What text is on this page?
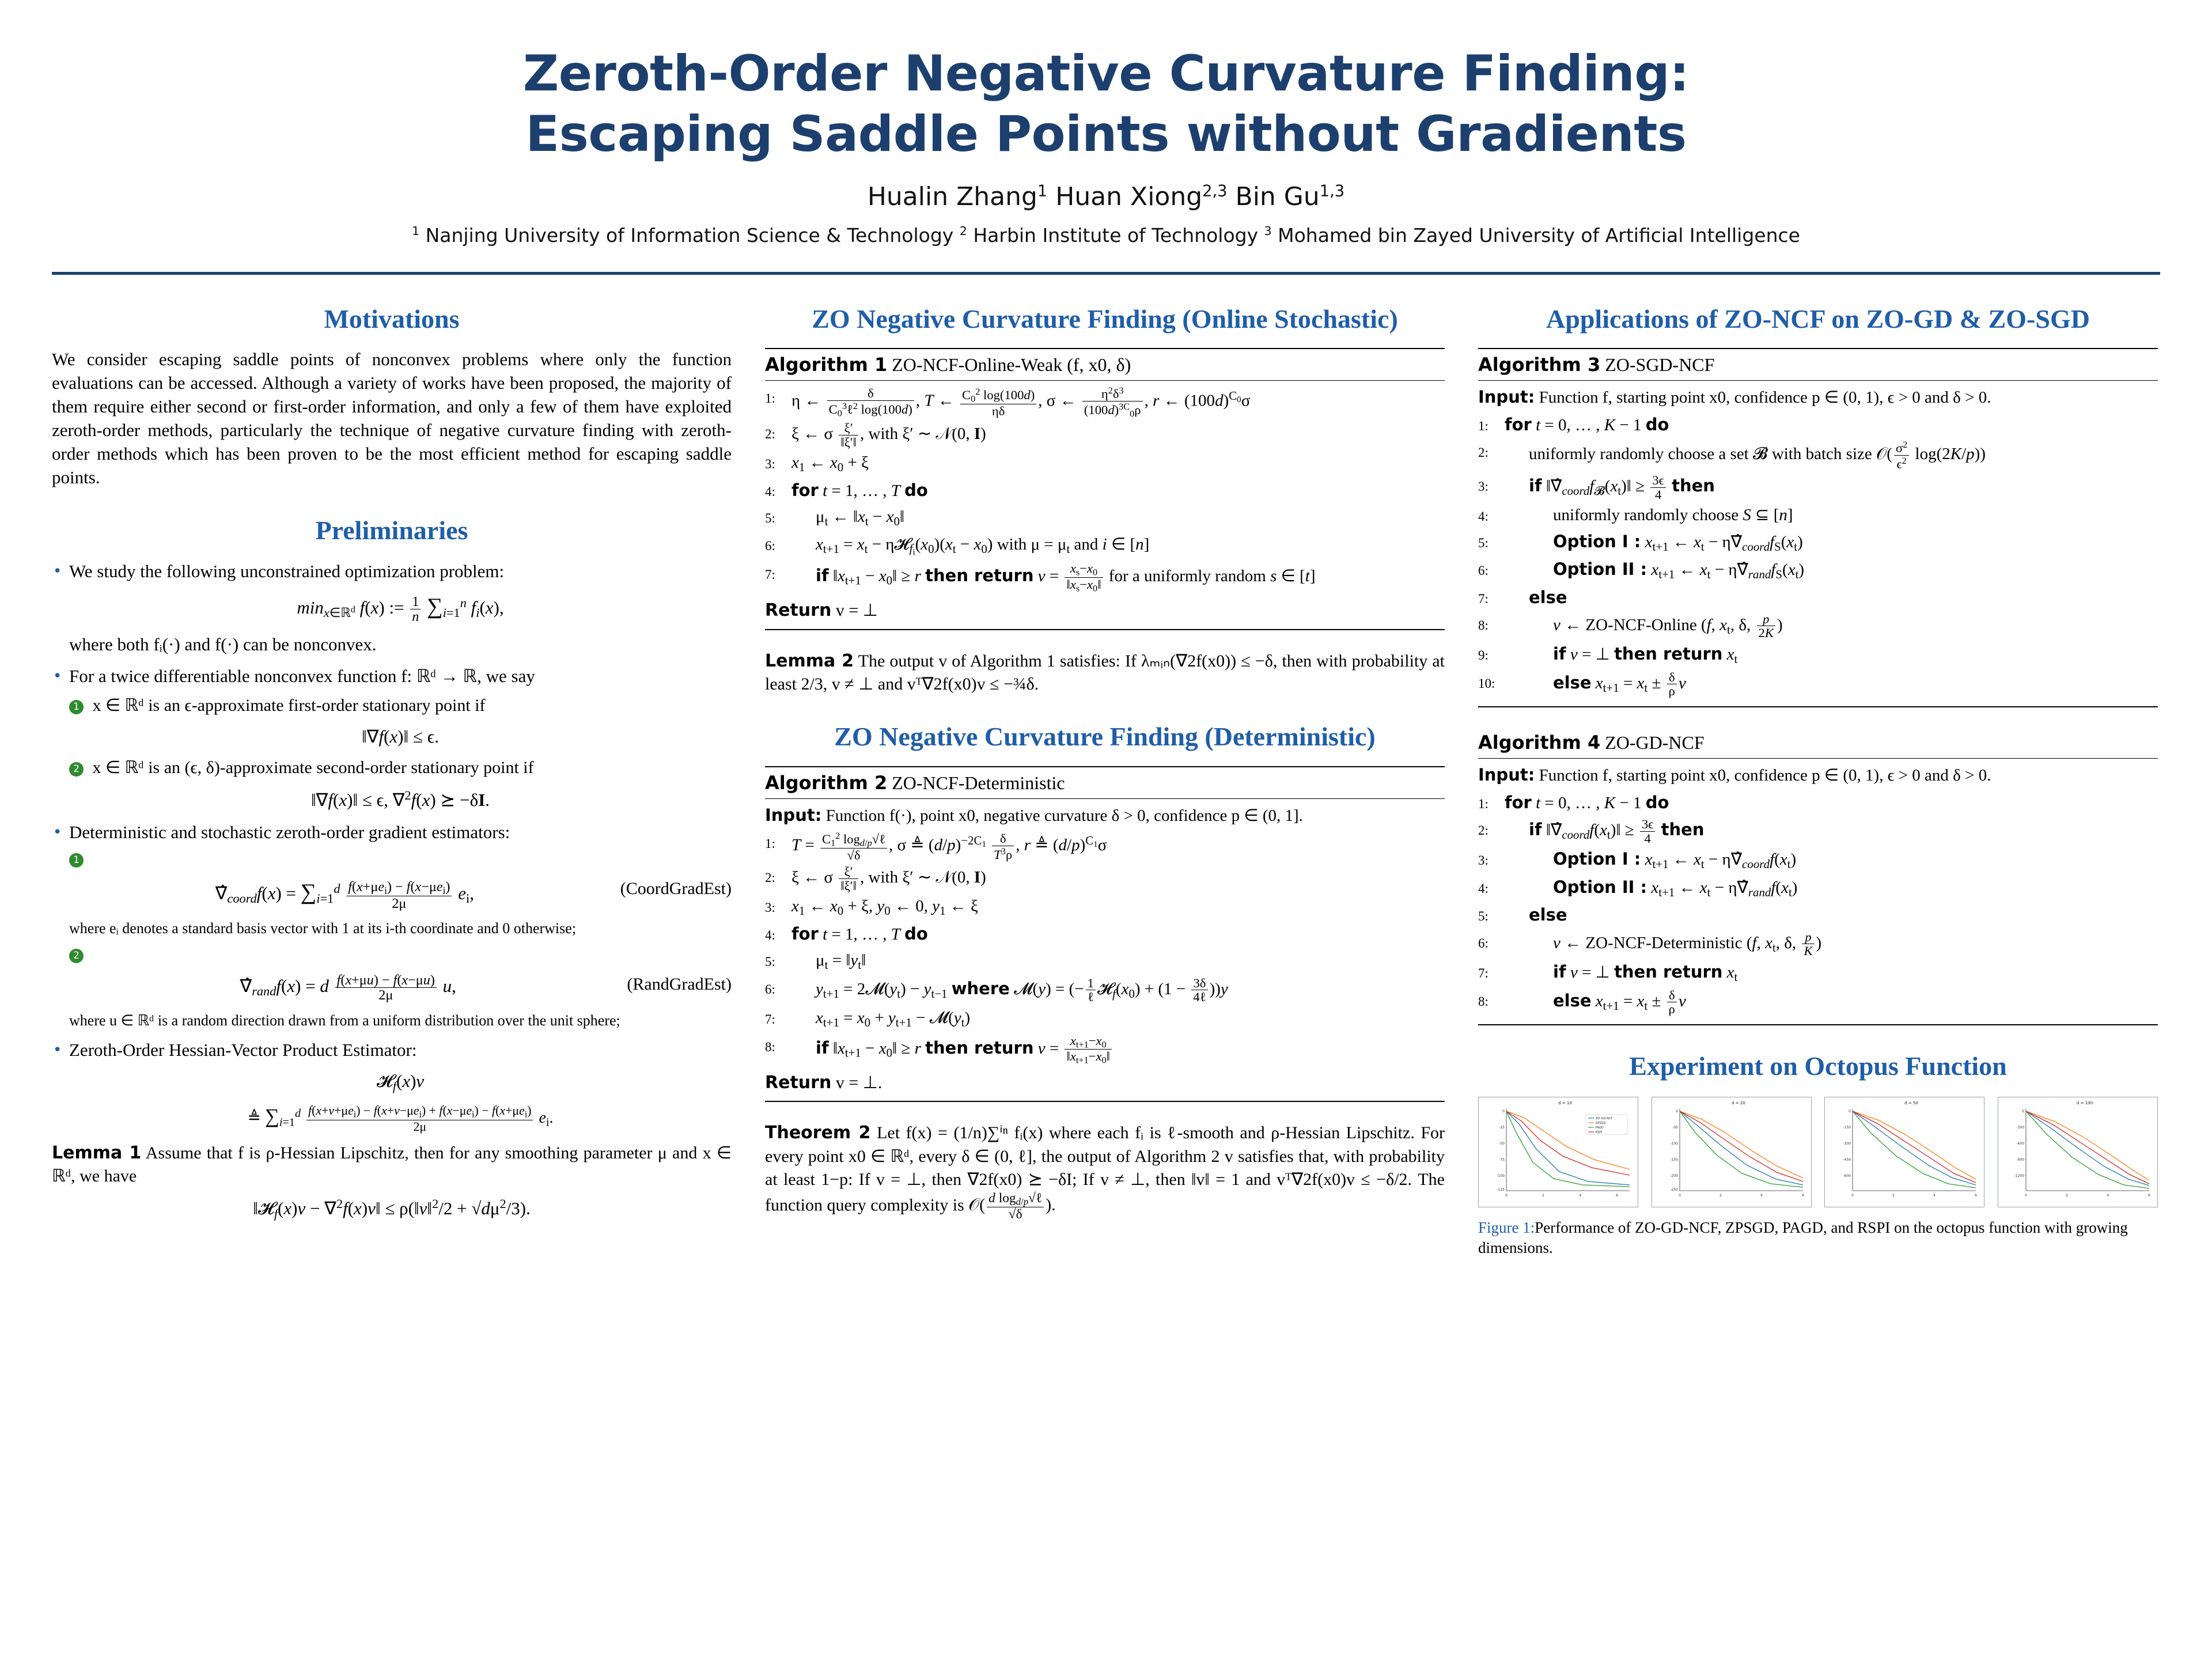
Zeroth-Order Negative Curvature Finding:
Escaping Saddle Points without Gradients
Hualin Zhang$^1$ Huan Xiong$^{2,3}$ Bin Gu$^{1,3}$
$^1$ Nanjing University of Information Science & Technology $^2$ Harbin Institute of Technology $^3$ Mohamed bin Zayed University of Artificial Intelligence
Motivations

We consider escaping saddle points of nonconvex problems where only the function evaluations can be accessed. Although a variety of works have been proposed, the majority of them require either second or first-order information, and only a few of them have exploited zeroth-order methods, particularly the technique of negative curvature finding with zeroth-order methods which has been proven to be the most efficient method for escaping saddle points.

Preliminaries
• We study the following unconstrained optimization problem:
$\min_{x\in ℝ^d} f(x)$ := $\frac{1}{n} \sum_{i=1}^n$ $f_i(x)$,
where both fᵢ(·) and f(·) can be nonconvex.
• For a twice differentiable nonconvex function f: ℝᵈ → ℝ, we say
1 x ∈ ℝᵈ is an ϵ-approximate first-order stationary point if
‖∇f(x)‖ ≤ ϵ.
2 x ∈ ℝᵈ is an (ϵ, δ)-approximate second-order stationary point if
‖∇f(x)‖ ≤ ϵ, ∇$^2$f(x) ⪰ −δI.
• Deterministic and stochastic zeroth-order gradient estimators:
1
(CoordGradEst)
$\nablâ_{coord}f(x) = \sum_{i=1}^d \frac{f(x+\mu e_i) - f(x-\mu e_i)}{2\mu} e_i$,
where eᵢ denotes a standard basis vector with 1 at its i-th coordinate and 0 otherwise;
2
(RandGradEst)
$\nablâ_{rand}f(x) = d \frac{f(x+\mu u) - f(x-\mu u)}{2\mu} u$,
where u ∈ ℝᵈ is a random direction drawn from a uniform distribution over the unit sphere;
• Zeroth-Order Hessian-Vector Product Estimator:
𝓗$_f$(x)v
≜ $\sum_{i=1}^d \frac{f(x+v+\mu e_i) - f(x+v-\mu e_i) + f(x-\mu e_i) - f(x+\mu e_i)}{2\mu} e_i$.
Lemma 1 Assume that f is ρ-Hessian Lipschitz, then for any smoothing parameter μ and x ∈ ℝᵈ, we have
‖𝓗$_f$(x)v − ∇$^2$f(x)v‖ ≤ ρ(‖v‖$^2$/2 + $√d\mu^2/3$).
ZO Negative Curvature Finding (Online Stochastic)
Algorithm 1 ZO-NCF-Online-Weak (f, x0, δ)
1: η ← $\frac{\delta}{C_0^3\ell^2 \log(100d)}$ , T ← $\frac{C_0^2 \log(100d)}{\eta\delta}$ , σ ← $\frac{\eta^2\delta^3}{(100d)^{3C}_0\rho}$ , r ← $(100d)^{C_0}\sigma$
2: ξ ← σ $\frac{\xi'}{‖\xi'‖}$ , with ξ′ ∼ 𝒩(0, I)
3: $x_1$ ← $x_0 + \xi$
4: for t = 1, … , T do
5:	$\mu_t$ ← $‖x_t$ − $x_0‖$
6:	$x_{t+1} = x_t$ − $\eta 𝓗_{f_i}(x_0)(x_t - x_0)$ with $\mu = \mu_t$ and i ∈ [n]
7:	if $‖x_{t+1}$ − $x_0‖ \ge r$ then return $v = \frac{x_s-x_0}{‖x_s-x_0‖}$ for a uniformly random s ∈ [t]
Return v = ⊥
Lemma 2 The output v of Algorithm 1 satisfies: If λₘᵢₙ(∇2f(x0)) ≤ −δ, then with probability at least 2/3, v ≠ ⊥ and vᵀ∇2f(x0)v ≤ −¾δ.
ZO Negative Curvature Finding (Deterministic)
Algorithm 2 ZO-NCF-Deterministic
Input: Function f(·), point x0, negative curvature δ > 0, confidence p ∈ (0, 1].
1: $T = \frac{C_1^2 \log_{d/p}√\ell}{√\delta}$ , σ ≜ $(d/p)^{-2C_1} \frac{\delta}{T^3\rho}$ , r ≜ $(d/p)^{C_1}\sigma$
2: ξ ← σ $\frac{\xi'}{‖\xi'‖}$ , with ξ′ ∼ 𝒩(0, I)
3: $x_1$ ← $x_0 + \xi$, $y_0$ ← 0, $y_1$ ← ξ
4: for t = 1, … , T do
5:	$\mu_t$ = $‖y_t‖$
6:	$y_{t+1}$ = $2𝓜(y_t) - y_{t-1}$ where 𝓜(y) = (− $\frac{1}{\text{ℓ}}$ $𝓗_f(x_0) + (1 - \frac{3\delta}{\text{4ℓ}} ))y$
7:	$x_{t+1} = x_0 + y_{t+1}$ − $𝓜(y_t)$
8:	if $‖x_{t+1}$ − $x_0‖ \ge r$ then return $v = \frac{x_{t+1}-x_0}{‖x_{t+1}-x_0‖}$
Return v = ⊥.
Theorem 2 Let f(x) = (1/n)∑ⁱⁿ fᵢ(x) where each fᵢ is ℓ-smooth and ρ-Hessian Lipschitz. For every point x0 ∈ ℝᵈ, every δ ∈ (0, ℓ], the output of Algorithm 2 v satisfies that, with probability at least 1−p: If v = ⊥, then ∇2f(x0) ⪰ −δI; If v ≠ ⊥, then ‖v‖ = 1 and vᵀ∇2f(x0)v ≤ −δ/2. The function query complexity is 𝒪( $\frac{d \log_{d/p}√\ell}{√\delta}$ ).
Applications of ZO-NCF on ZO-GD & ZO-SGD
Algorithm 3 ZO-SGD-NCF
Input: Function f, starting point x0, confidence p ∈ (0, 1), ϵ > 0 and δ > 0.
1: for t = 0, … , K − 1 do
2:	uniformly randomly choose a set 𝓑 with batch size 𝒪( $\frac{\sigma^2}{\epsilon^2} \log(2K/p)$)
3:	if $‖\nablâ_{coord}f_𝓑(x_t)‖ \ge \frac{3\epsilon}{4}$ then
4:	uniformly randomly choose S ⊆ [n]
5:	Option I : $x_{t+1}$ ← $x_t$ − $\eta\nablâ_{coord}f_S(x_t)$
6:	Option II : $x_{t+1}$ ← $x_t$ − $\eta\nablâ_{rand}f_S(x_t)$
7:	else
8:	v ← ZO-NCF-Online (f, $x_t$, δ, $\frac{p}{2K}$ )
9:	if v = ⊥ then return $x_t$
10:	else $x_{t+1} = x_t \pm \frac{\delta}{\rho}$ v
Algorithm 4 ZO-GD-NCF
Input: Function f, starting point x0, confidence p ∈ (0, 1), ϵ > 0 and δ > 0.
1: for t = 0, … , K − 1 do
2:	if $‖\nablâ_{coord}f(x_t)‖ \ge \frac{3\epsilon}{4}$ then
3:	Option I : $x_{t+1}$ ← $x_t$ − $\eta\nablâ_{coord}f(x_t)$
4:	Option II : $x_{t+1}$ ← $x_t$ − $\eta\nablâ_{rand}f(x_t)$
5:	else
6:	v ← ZO-NCF-Deterministic (f, $x_t$, δ, $\frac{p}{K}$ )
7:	if v = ⊥ then return $x_t$
8:	else $x_{t+1} = x_t \pm \frac{\delta}{\rho}$ v
Experiment on Octopus Function
d = 10
0
-25
-50
-75
-100
-125
0	2	4	6
ZO-GD-NCF
ZPSGD
PAGD
RSPI
d = 20
0
-50
-100
-150
-200
-250
0	2	4	6
d = 50
0
-150
-300
-450
-600
0	2	4	6
d = 100
0
-300
-600
-900
-1200
0	2	4	6
Figure 1:Performance of ZO-GD-NCF, ZPSGD, PAGD, and RSPI on the octopus function with growing dimensions.
